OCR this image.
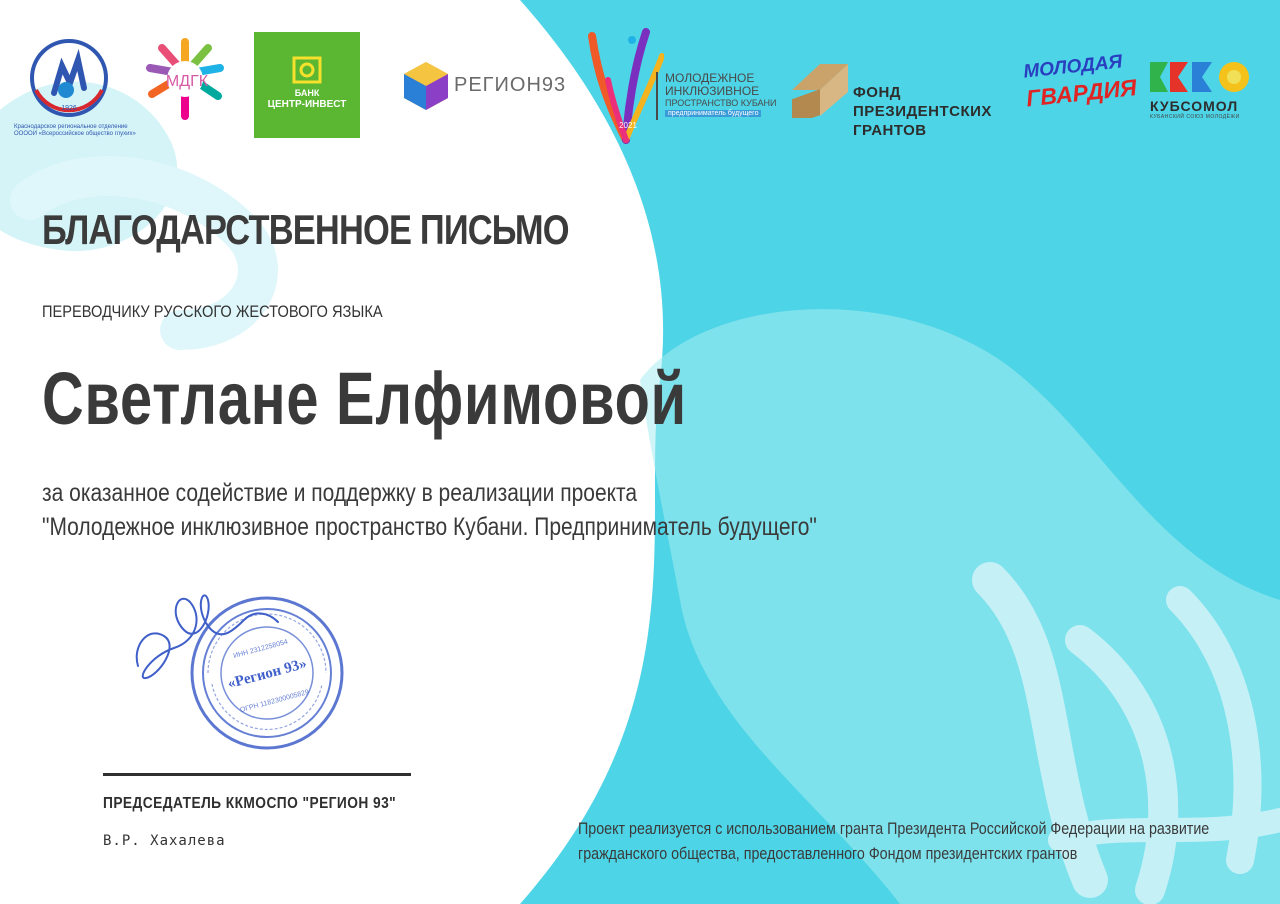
1926
Краснодарское региональное отделение
ООООИ «Всероссийское общество глухих»
МДГК
БАНК
ЦЕНТР-ИНВЕСТ
РЕГИОН93
2021
МОЛОДЕЖНОЕ
ИНКЛЮЗИВНОЕ
ПРОСТРАНСТВО КУБАНИ
предприниматель будущего
ФОНД
ПРЕЗИДЕНТСКИХ
ГРАНТОВ
МОЛОДАЯ
ГВАРДИЯ КУБСОМОЛ
КУБАНСКИЙ СОЮЗ МОЛОДЁЖИ
БЛАГОДАРСТВЕННОЕ ПИСЬМО
ПЕРЕВОДЧИКУ РУССКОГО ЖЕСТОВОГО ЯЗЫКА
Светлане Елфимовой
за оказанное содействие и поддержку в реализации проекта
"Молодежное инклюзивное пространство Кубани. Предприниматель будущего"
«Регион 93»
ИНН 2312258054
ОГРН 1182300005829
ПРЕДСЕДАТЕЛЬ ККМОСПО "РЕГИОН 93"
В.Р. Хахалева
Проект реализуется с использованием гранта Президента Российской Федерации на развитие
гражданского общества, предоставленного Фондом президентских грантов
